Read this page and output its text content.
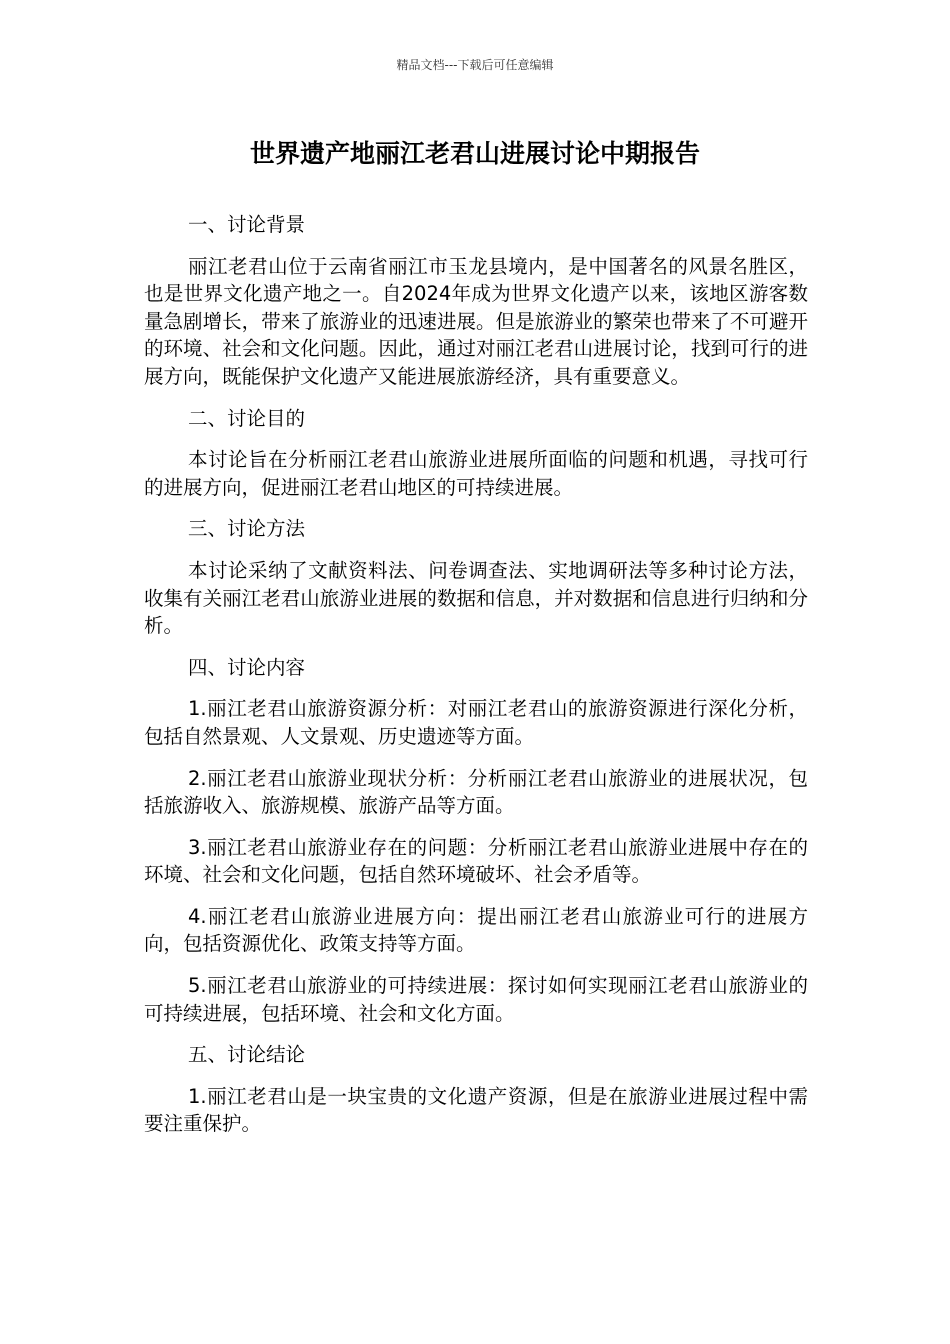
精品文档---下载后可任意编辑
世界遗产地丽江老君山进展讨论中期报告

一、讨论背景

丽江老君山位于云南省丽江市玉龙县境内，是中国著名的风景名胜区，也是世界文化遗产地之一。自2024年成为世界文化遗产以来，该地区游客数量急剧增长，带来了旅游业的迅速进展。但是旅游业的繁荣也带来了不可避开的环境、社会和文化问题。因此，通过对丽江老君山进展讨论，找到可行的进展方向，既能保护文化遗产又能进展旅游经济，具有重要意义。

二、讨论目的

本讨论旨在分析丽江老君山旅游业进展所面临的问题和机遇，寻找可行的进展方向，促进丽江老君山地区的可持续进展。

三、讨论方法

本讨论采纳了文献资料法、问卷调查法、实地调研法等多种讨论方法，收集有关丽江老君山旅游业进展的数据和信息，并对数据和信息进行归纳和分析。

四、讨论内容

1.丽江老君山旅游资源分析：对丽江老君山的旅游资源进行深化分析，包括自然景观、人文景观、历史遗迹等方面。

2.丽江老君山旅游业现状分析：分析丽江老君山旅游业的进展状况，包括旅游收入、旅游规模、旅游产品等方面。

3.丽江老君山旅游业存在的问题：分析丽江老君山旅游业进展中存在的环境、社会和文化问题，包括自然环境破坏、社会矛盾等。

4.丽江老君山旅游业进展方向：提出丽江老君山旅游业可行的进展方向，包括资源优化、政策支持等方面。

5.丽江老君山旅游业的可持续进展：探讨如何实现丽江老君山旅游业的可持续进展，包括环境、社会和文化方面。

五、讨论结论

1.丽江老君山是一块宝贵的文化遗产资源，但是在旅游业进展过程中需要注重保护。
